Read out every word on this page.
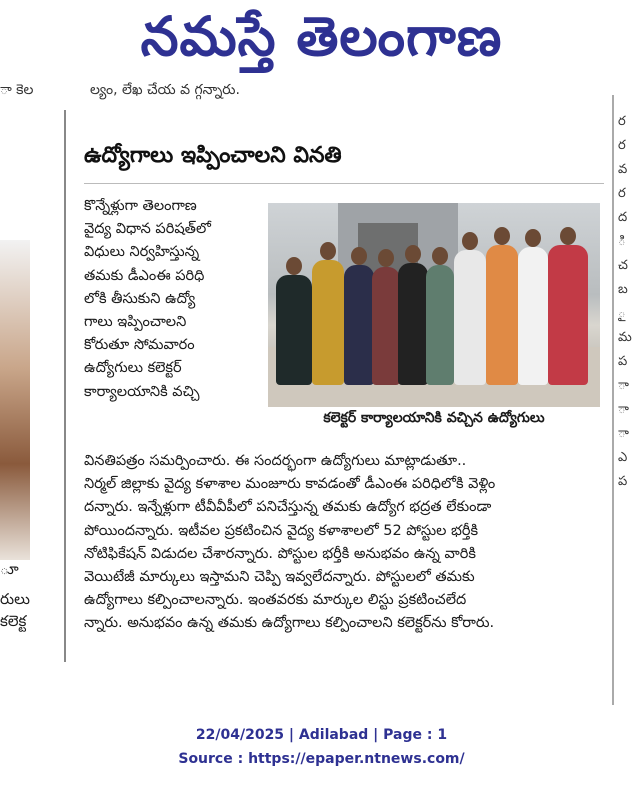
నమస్తే తెలంగాణ
ా కెల	ల్యం, లేఖ చేయ వ గ్గన్నారు.
ూ
రులు
కలెక్ట
ర
ర
వ
ర
ద
ి
చ
బ
ౖ
మ
ప
ా
ా
ా
ఎ
ప
ఉద్యోగాలు ఇప్పించాలని వినతి
కొన్నేళ్లుగా తెలంగాణ
వైద్య విధాన పరిషత్‌లో
విధులు నిర్వహిస్తున్న
తమకు డీఎంఈ పరిధి
లోకి తీసుకుని ఉద్యో
గాలు ఇప్పించాలని
కోరుతూ సోమవారం
ఉద్యోగులు కలెక్టర్
కార్యాలయానికి వచ్చి
కలెక్టర్ కార్యాలయానికి వచ్చిన ఉద్యోగులు
వినతిపత్రం సమర్పించారు. ఈ సందర్భంగా ఉద్యోగులు మాట్లాడుతూ..
నిర్మల్ జిల్లాకు వైద్య కళాశాల మంజూరు కావడంతో డీఎంఈ పరిధిలోకి వెళ్లిం
దన్నారు. ఇన్నేళ్లుగా టీవీవీపీలో పనిచేస్తున్న తమకు ఉద్యోగ భద్రత లేకుండా
పోయిందన్నారు. ఇటీవల ప్రకటించిన వైద్య కళాశాలలో 52 పోస్టుల భర్తీకి
నోటిఫికేషన్ విడుదల చేశారన్నారు. పోస్టుల భర్తీకి అనుభవం ఉన్న వారికి
వెయిటేజీ మార్కులు ఇస్తామని చెప్పి ఇవ్వలేదన్నారు. పోస్టులలో తమకు
ఉద్యోగాలు కల్పించాలన్నారు. ఇంతవరకు మార్కుల లిస్టు ప్రకటించలేద
న్నారు. అనుభవం ఉన్న తమకు ఉద్యోగాలు కల్పించాలని కలెక్టర్‌ను కోరారు.
22/04/2025 | Adilabad | Page : 1
Source : https://epaper.ntnews.com/
